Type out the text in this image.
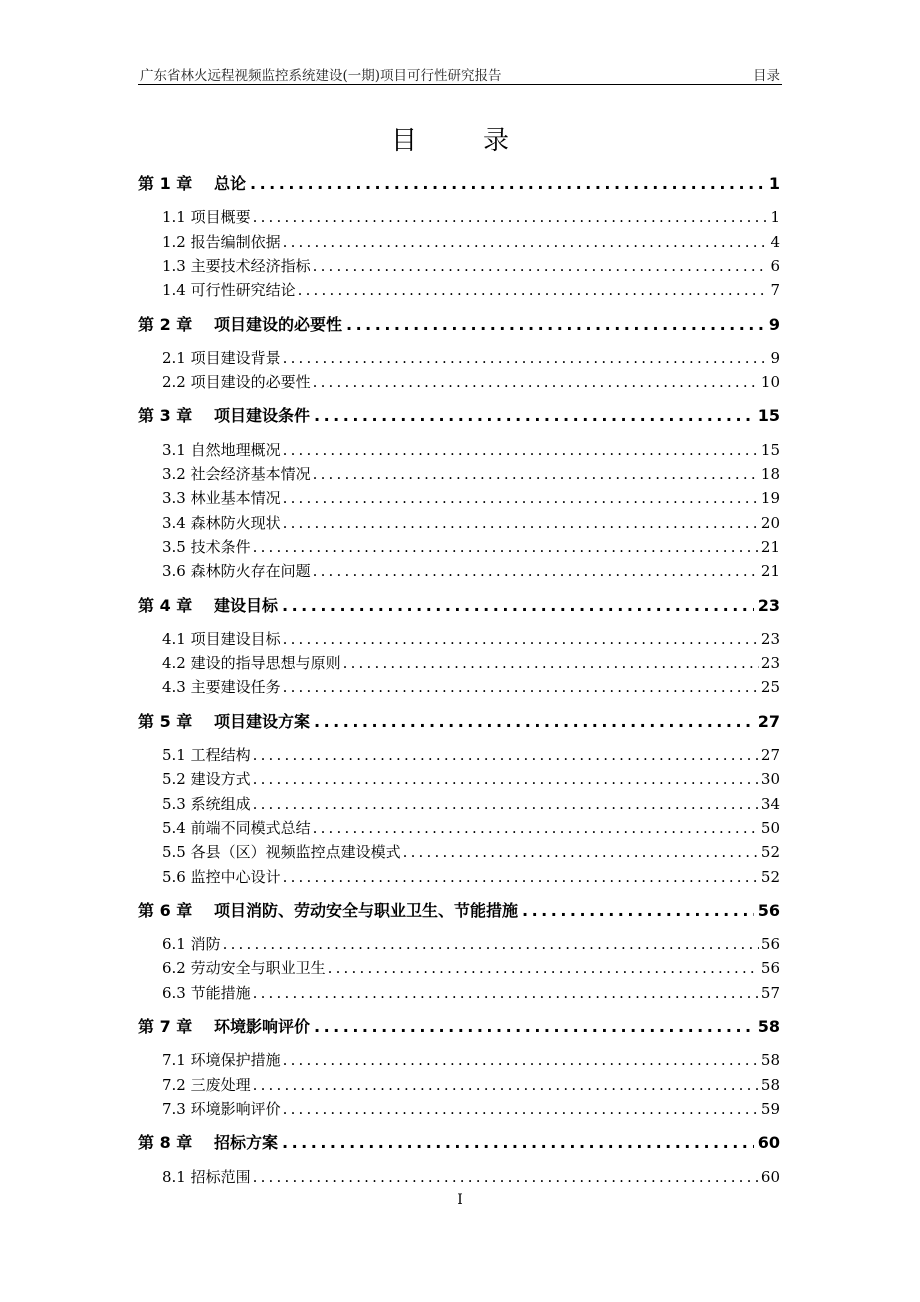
广东省林火远程视频监控系统建设(一期)项目可行性研究报告	目录
目　录
第 1 章 总论 .....	1
1.1 项目概要 .....	1
1.2 报告编制依据 .....	4
1.3 主要技术经济指标 .....	6
1.4 可行性研究结论 .....	7
第 2 章 项目建设的必要性 .....	9
2.1 项目建设背景 .....	9
2.2 项目建设的必要性 .....	10
第 3 章 项目建设条件 .....	15
3.1 自然地理概况 .....	15
3.2 社会经济基本情况 .....	18
3.3 林业基本情况 .....	19
3.4 森林防火现状 .....	20
3.5 技术条件 .....	21
3.6 森林防火存在问题 .....	21
第 4 章 建设目标 .....	23
4.1 项目建设目标 .....	23
4.2 建设的指导思想与原则 .....	23
4.3 主要建设任务 .....	25
第 5 章 项目建设方案 .....	27
5.1 工程结构 .....	27
5.2 建设方式 .....	30
5.3 系统组成 .....	34
5.4 前端不同模式总结 .....	50
5.5 各县（区）视频监控点建设模式 .....	52
5.6 监控中心设计 .....	52
第 6 章 项目消防、劳动安全与职业卫生、节能措施 .....	56
6.1 消防 .....	56
6.2 劳动安全与职业卫生 .....	56
6.3 节能措施 .....	57
第 7 章 环境影响评价 .....	58
7.1 环境保护措施 .....	58
7.2 三废处理 .....	58
7.3 环境影响评价 .....	59
第 8 章 招标方案 .....	60
8.1 招标范围 .....	60
I
